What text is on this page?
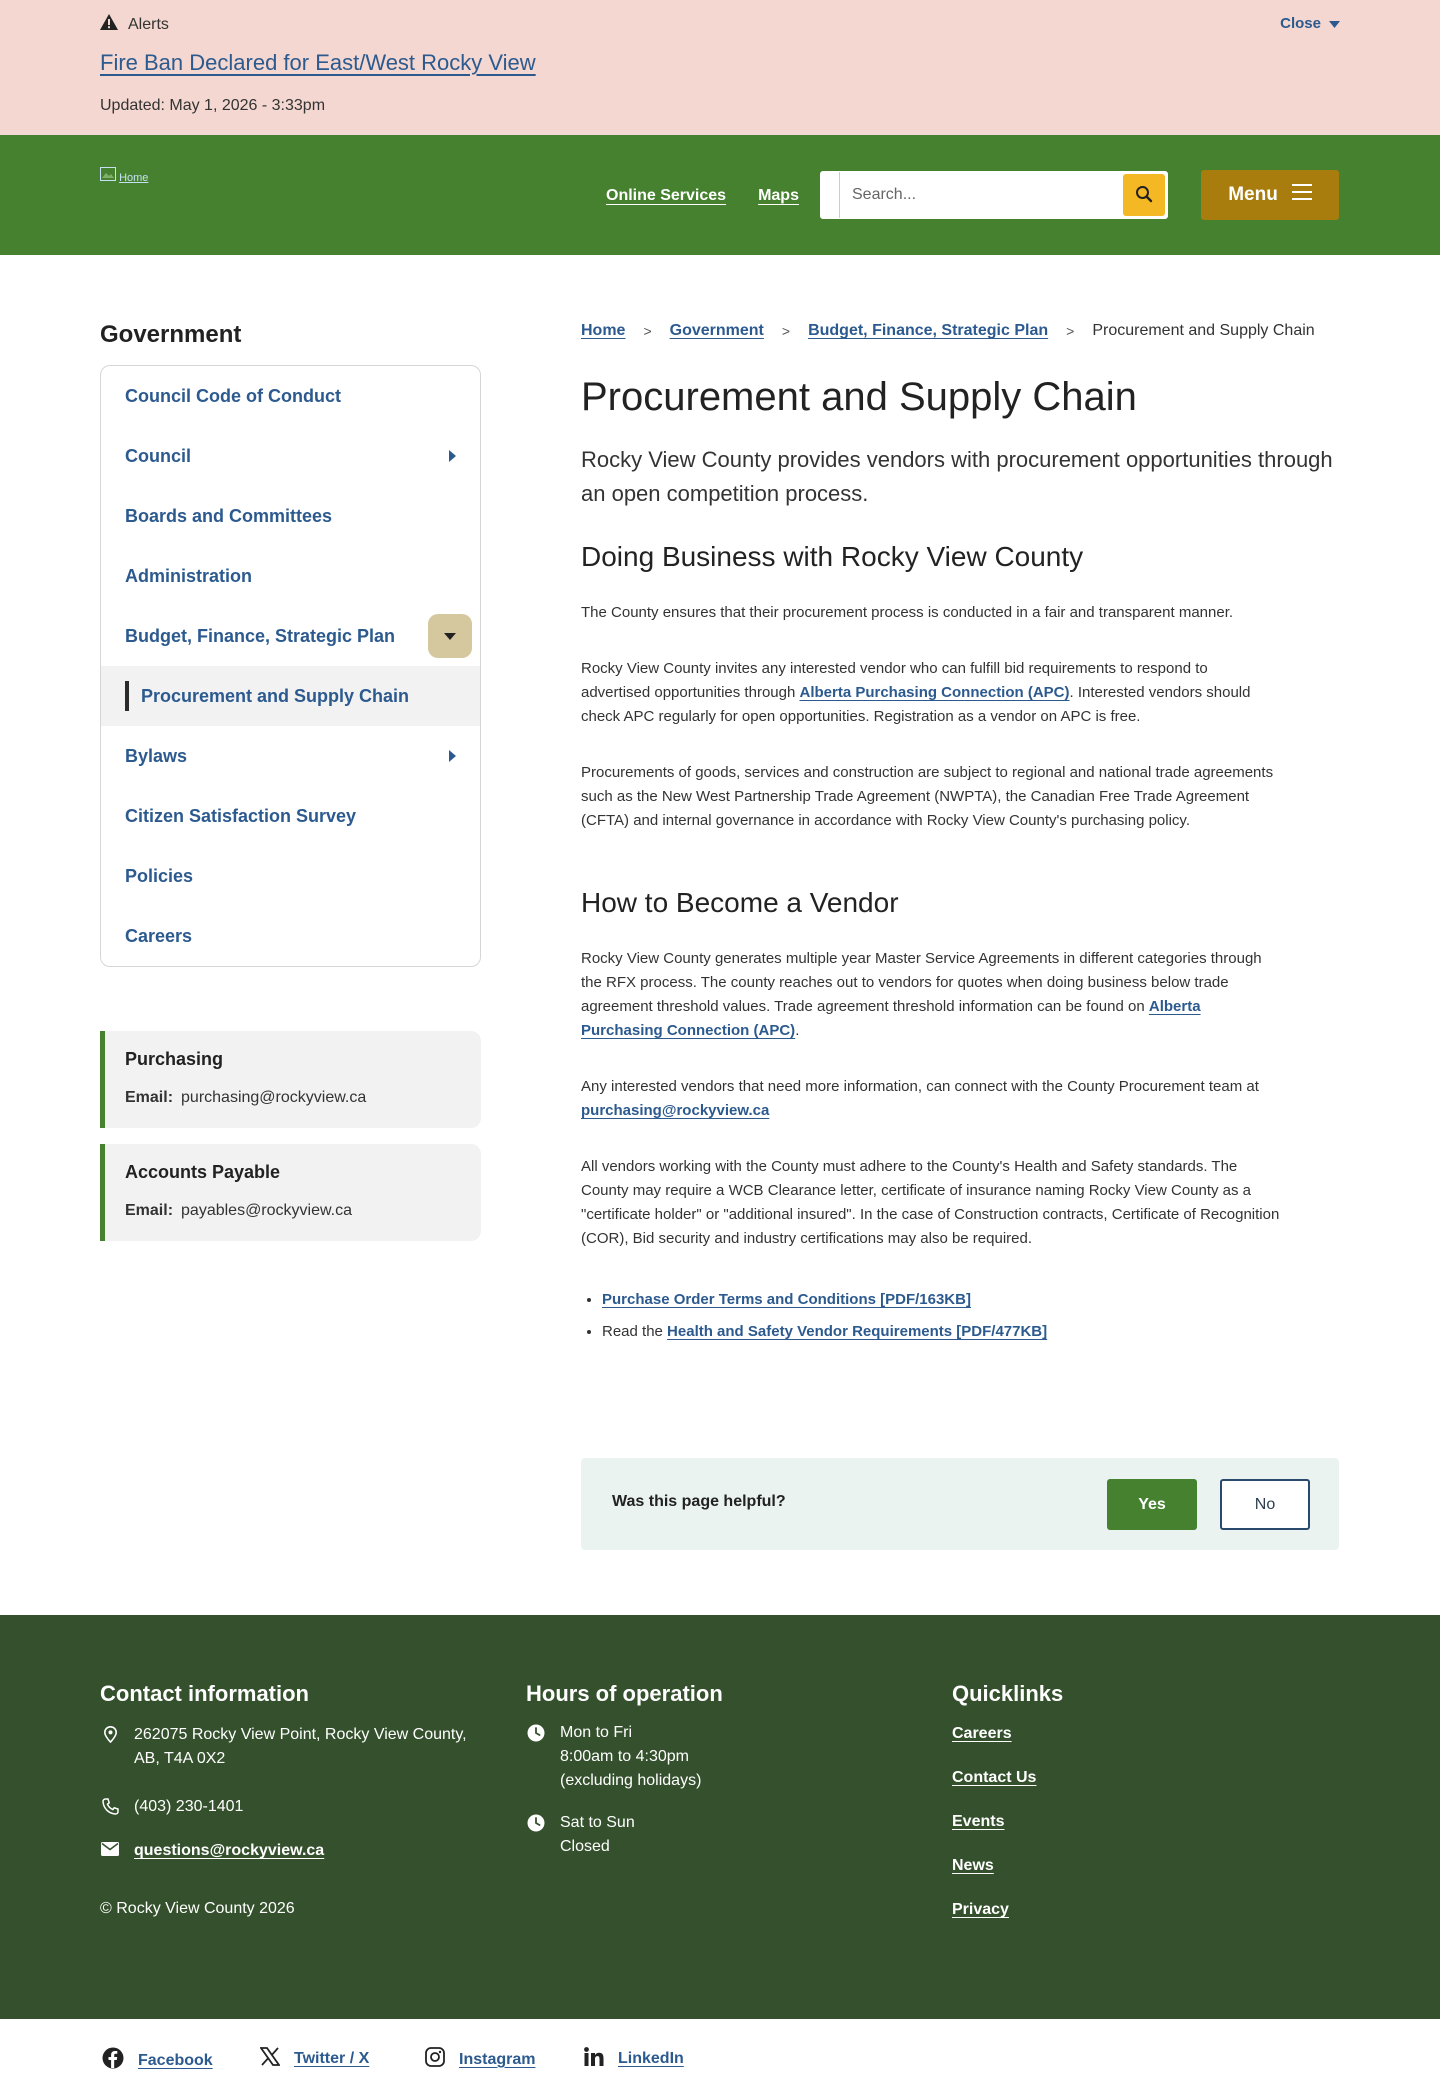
Alerts	Close
Fire Ban Declared for East/West Rocky View
Updated: May 1, 2026 - 3:33pm
Home
Online Services Maps
Search...	Menu
Government
Council Code of Conduct
Council
Boards and Committees
Administration
Budget, Finance, Strategic Plan
Procurement and Supply Chain
Bylaws
Citizen Satisfaction Survey
Policies
Careers
Purchasing
Email: purchasing@rockyview.ca
Accounts Payable
Email: payables@rockyview.ca
Home > Government > Budget, Finance, Strategic Plan > Procurement and Supply Chain
Procurement and Supply Chain

Rocky View County provides vendors with procurement opportunities through an open competition process.

Doing Business with Rocky View County

The County ensures that their procurement process is conducted in a fair and transparent manner.

Rocky View County invites any interested vendor who can fulfill bid requirements to respond to advertised opportunities through Alberta Purchasing Connection (APC). Interested vendors should check APC regularly for open opportunities. Registration as a vendor on APC is free.

Procurements of goods, services and construction are subject to regional and national trade agreements such as the New West Partnership Trade Agreement (NWPTA), the Canadian Free Trade Agreement (CFTA) and internal governance in accordance with Rocky View County's purchasing policy.

How to Become a Vendor

Rocky View County generates multiple year Master Service Agreements in different categories through the RFX process. The county reaches out to vendors for quotes when doing business below trade agreement threshold values. Trade agreement threshold information can be found on Alberta Purchasing Connection (APC).

Any interested vendors that need more information, can connect with the County Procurement team at purchasing@rockyview.ca

All vendors working with the County must adhere to the County's Health and Safety standards. The County may require a WCB Clearance letter, certificate of insurance naming Rocky View County as a "certificate holder" or "additional insured". In the case of Construction contracts, Certificate of Recognition (COR), Bid security and industry certifications may also be required.

• Purchase Order Terms and Conditions [PDF/163KB]
• Read the Health and Safety Vendor Requirements [PDF/477KB]
Was this page helpful?	Yes	No
Contact information
262075 Rocky View Point, Rocky View County, AB, T4A 0X2
(403) 230-1401
questions@rockyview.ca
© Rocky View County 2026
Hours of operation
Mon to Fri
8:00am to 4:30pm
(excluding holidays)
Sat to Sun
Closed
Quicklinks
Careers
Contact Us
Events
News
Privacy
Facebook	Twitter / X	Instagram	LinkedIn
